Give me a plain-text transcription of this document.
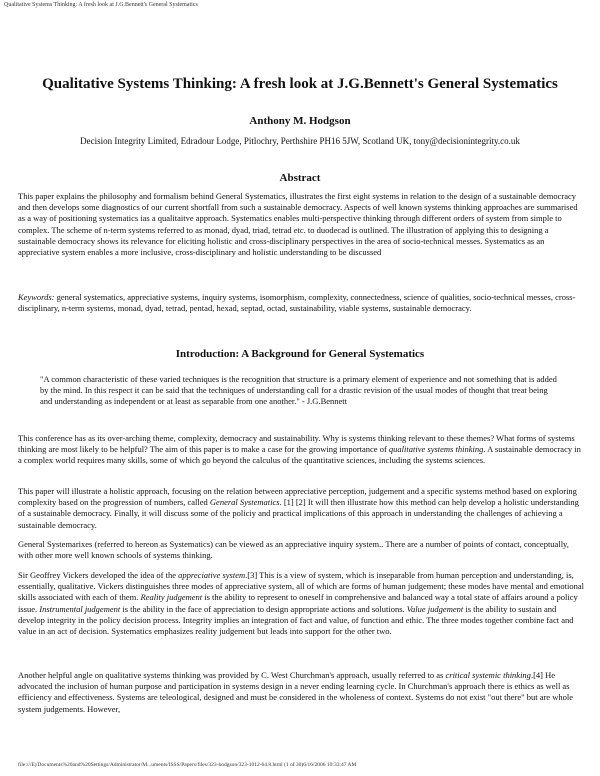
Qualitative Systems Thinking: A fresh look at J.G.Bennett's General Systematics
Qualitative Systems Thinking: A fresh look at J.G.Bennett's General Systematics
Anthony M. Hodgson
Decision Integrity Limited, Edradour Lodge, Pitlochry, Perthshire PH16 5JW, Scotland UK, tony@decisionintegrity.co.uk
Abstract
This paper explains the philosophy and formalism behind General Systematics, illustrates the first eight systems in relation to the design of a sustainable democracy and then develops some diagnostics of our current shortfall from such a sustainable democracy. Aspects of well known systems thinking approaches are summarised as a way of positioning systematics ias a qualitaitve approach. Systematics enables multi-perspective thinking through different orders of system from simple to complex. The scheme of n-term systems referred to as monad, dyad, triad, tetrad etc. to duodecad is outlined. The illustration of applying this to designing a sustainable democracy shows its relevance for eliciting holistic and cross-disciplinary perspectives in the area of socio-technical messes. Systematics as an appreciative system enables a more inclusive, cross-disciplinary and holistic understanding to be discussed
Keywords: general systematics, appreciative systems, inquiry systems, isomorphism, complexity, connectedness, science of qualities, socio-technical messes, cross-disciplinary, n-term systems, monad, dyad, tetrad, pentad, hexad, septad, octad, sustainability, viable systems, sustainable democracy.
Introduction: A Background for General Systematics
"A common characteristic of these varied techniques is the recognition that structure is a primary element of experience and not something that is added by the mind. In this respect it can be said that the techniques of understanding call for a drastic revision of the usual modes of thought that treat being and understanding as independent or at least as separable from one another." - J.G.Bennett
This conference has as its over-arching theme, complexity, democracy and sustainability. Why is systems thinking relevant to these themes? What forms of systems thinking are most likely to be helpful? The aim of this paper is to make a case for the growing importance of qualitative systems thinking. A sustainable democracy in a complex world requires many skills, some of which go beyond the calculus of the quantitative sciences, including the systems sciences.
This paper will illustrate a holistic approach, focusing on the relation between appreciative perception, judgement and a specific systems method based on exploring complexity based on the progression of numbers, called General Systematics. [1] [2] It will then illustrate how this method can help develop a holistic understanding of a sustainable democracy. Finally, it will discuss some of the policiy and practical implications of this approach in understanding the challenges of achieving a sustainable democracy.
General Systemarixes (referred to hereon as Systematics) can be viewed as an appreciative inquiry system.. There are a number of points of contact, conceptually, with other more well known schools of systems thinking.
Sir Geoffrey Vickers developed the idea of the appreciative system.[3] This is a view of system, which is inseparable from human perception and understanding, is, essentially, qualitative. Vickers distinguishes three modes of appreciative system, all of which are forms of human judgement; these modes have mental and emotional skills associated with each of them. Reality judgement is the ability to represent to oneself in comprehensive and balanced way a total state of affairs around a policy issue. Instrumental judgement is the ability in the face of appreciation to design appropriate actions and solutions. Value judgement is the ability to sustain and develop integrity in the policy decision process. Integrity implies an integration of fact and value, of function and ethic. The three modes together combine fact and value in an act of decision. Systematics emphasizes reality judgement but leads into support for the other two.
Another helpful angle on qualitative systems thinking was provided by C. West Churchman's approach, usually referred to as critical systemic thinking.[4] He advocated the inclusion of human purpose and participation in systems design in a never ending learning cycle. In Churchman's approach there is ethics as well as efficiency and effectiveness. Systems are teleological, designed and must be considered in the wholeness of context. Systems do not exist "out there" but are whole system judgements. However,
file:///E|/Documents%20and%20Settings/Administrator/M...uments/ISSS/Papers/files/323-hodgson/323-1012-64.8.html (1 of 30)6/16/2006 10:33:47 AM
